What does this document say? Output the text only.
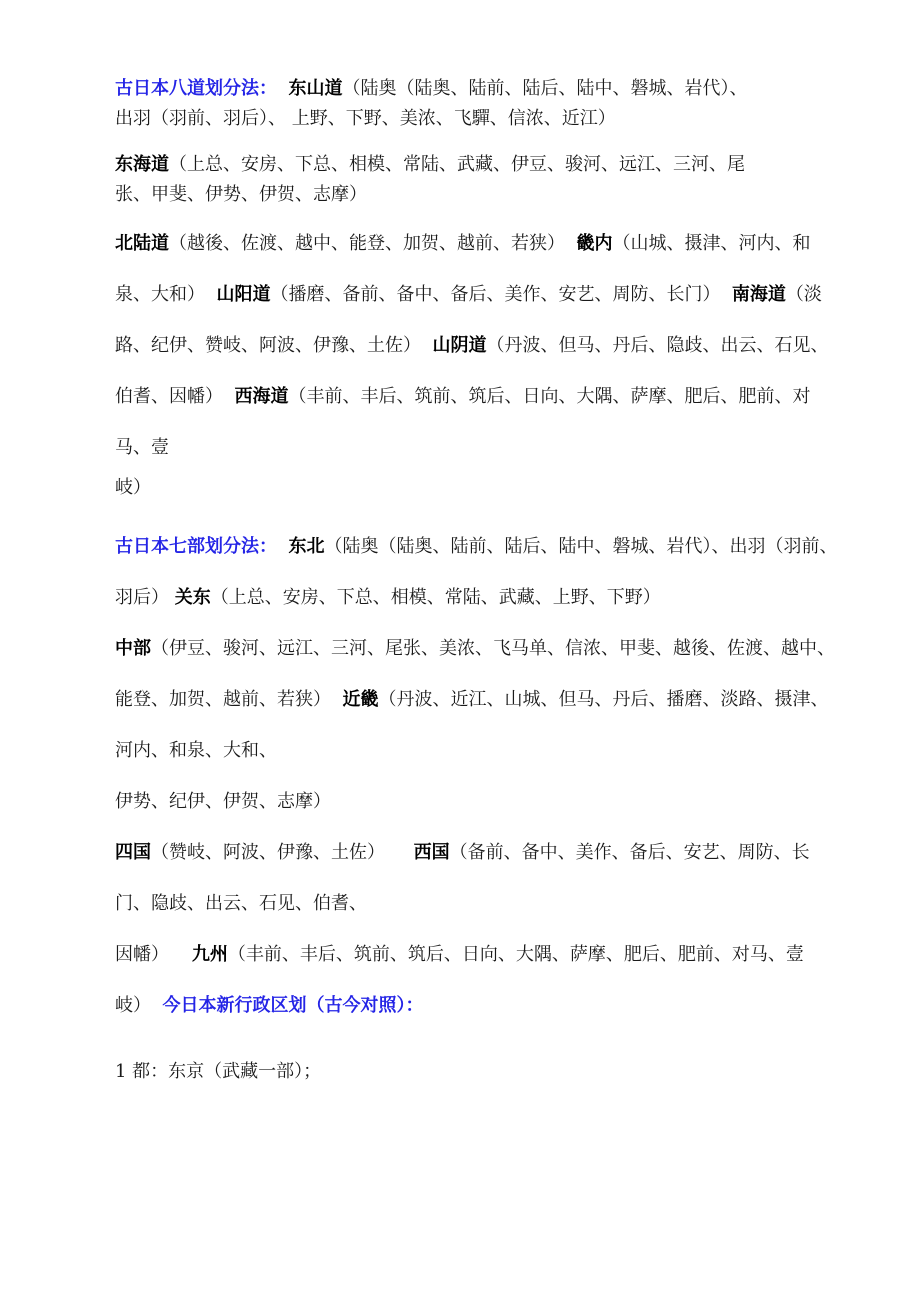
古日本八道划分法： 东山道（陆奥（陆奥、陆前、陆后、陆中、磐城、岩代）、
出羽（羽前、羽后）、 上野、下野、美浓、飞驒、信浓、近江）

东海道（上总、安房、下总、相模、常陆、武藏、伊豆、骏河、远江、三河、尾
张、甲斐、伊势、伊贺、志摩）

北陆道（越後、佐渡、越中、能登、加贺、越前、若狭） 畿内（山城、摄津、河内、和泉、大和） 山阳道（播磨、备前、备中、备后、美作、安艺、周防、长门） 南海道（淡路、纪伊、赞岐、阿波、伊豫、土佐） 山阴道（丹波、但马、丹后、隐歧、出云、石见、伯耆、因幡） 西海道（丰前、丰后、筑前、筑后、日向、大隅、萨摩、肥后、肥前、对马、壹

岐）

古日本七部划分法： 东北（陆奥（陆奥、陆前、陆后、陆中、磐城、岩代）、出羽（羽前、羽后） 关东（上总、安房、下总、相模、常陆、武藏、上野、下野）
中部（伊豆、骏河、远江、三河、尾张、美浓、飞马单、信浓、甲斐、越後、佐渡、越中、能登、加贺、越前、若狭） 近畿（丹波、近江、山城、但马、丹后、播磨、淡路、摄津、河内、和泉、大和、
伊势、纪伊、伊贺、志摩）
四国（赞岐、阿波、伊豫、土佐） 西国（备前、备中、美作、备后、安艺、周防、长门、隐歧、出云、石见、伯耆、
因幡） 九州（丰前、丰后、筑前、筑后、日向、大隅、萨摩、肥后、肥前、对马、壹岐） 今日本新行政区划（古今对照）：

1 都：东京（武藏一部）；
